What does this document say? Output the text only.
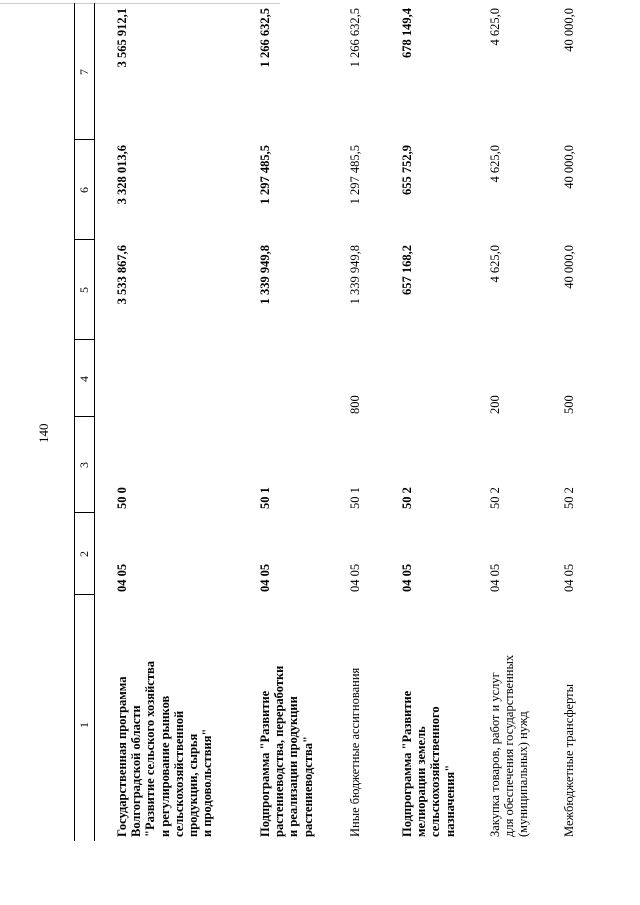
140
1
2
3
4
5
6
7
Государственная программа Волгоградской области "Развитие сельского хозяйства и регулирование рынков сельскохозяйственной продукции, сырья и продовольствия"
04 05
50 0
3 533 867,6
3 328 013,6
3 565 912,1
Подпрограмма "Развитие растениеводства, переработки и реализации продукции растениеводства"
04 05
50 1
1 339 949,8
1 297 485,5
1 266 632,5
Иные бюджетные ассигнования
04 05
50 1
800
1 339 949,8
1 297 485,5
1 266 632,5
Подпрограмма "Развитие мелиорации земель сельскохозяйственного назначения"
04 05
50 2
657 168,2
655 752,9
678 149,4
Закупка товаров, работ и услуг для обеспечения государственных (муниципальных) нужд
04 05
50 2
200
4 625,0
4 625,0
4 625,0
Межбюджетные трансферты
04 05
50 2
500
40 000,0
40 000,0
40 000,0
